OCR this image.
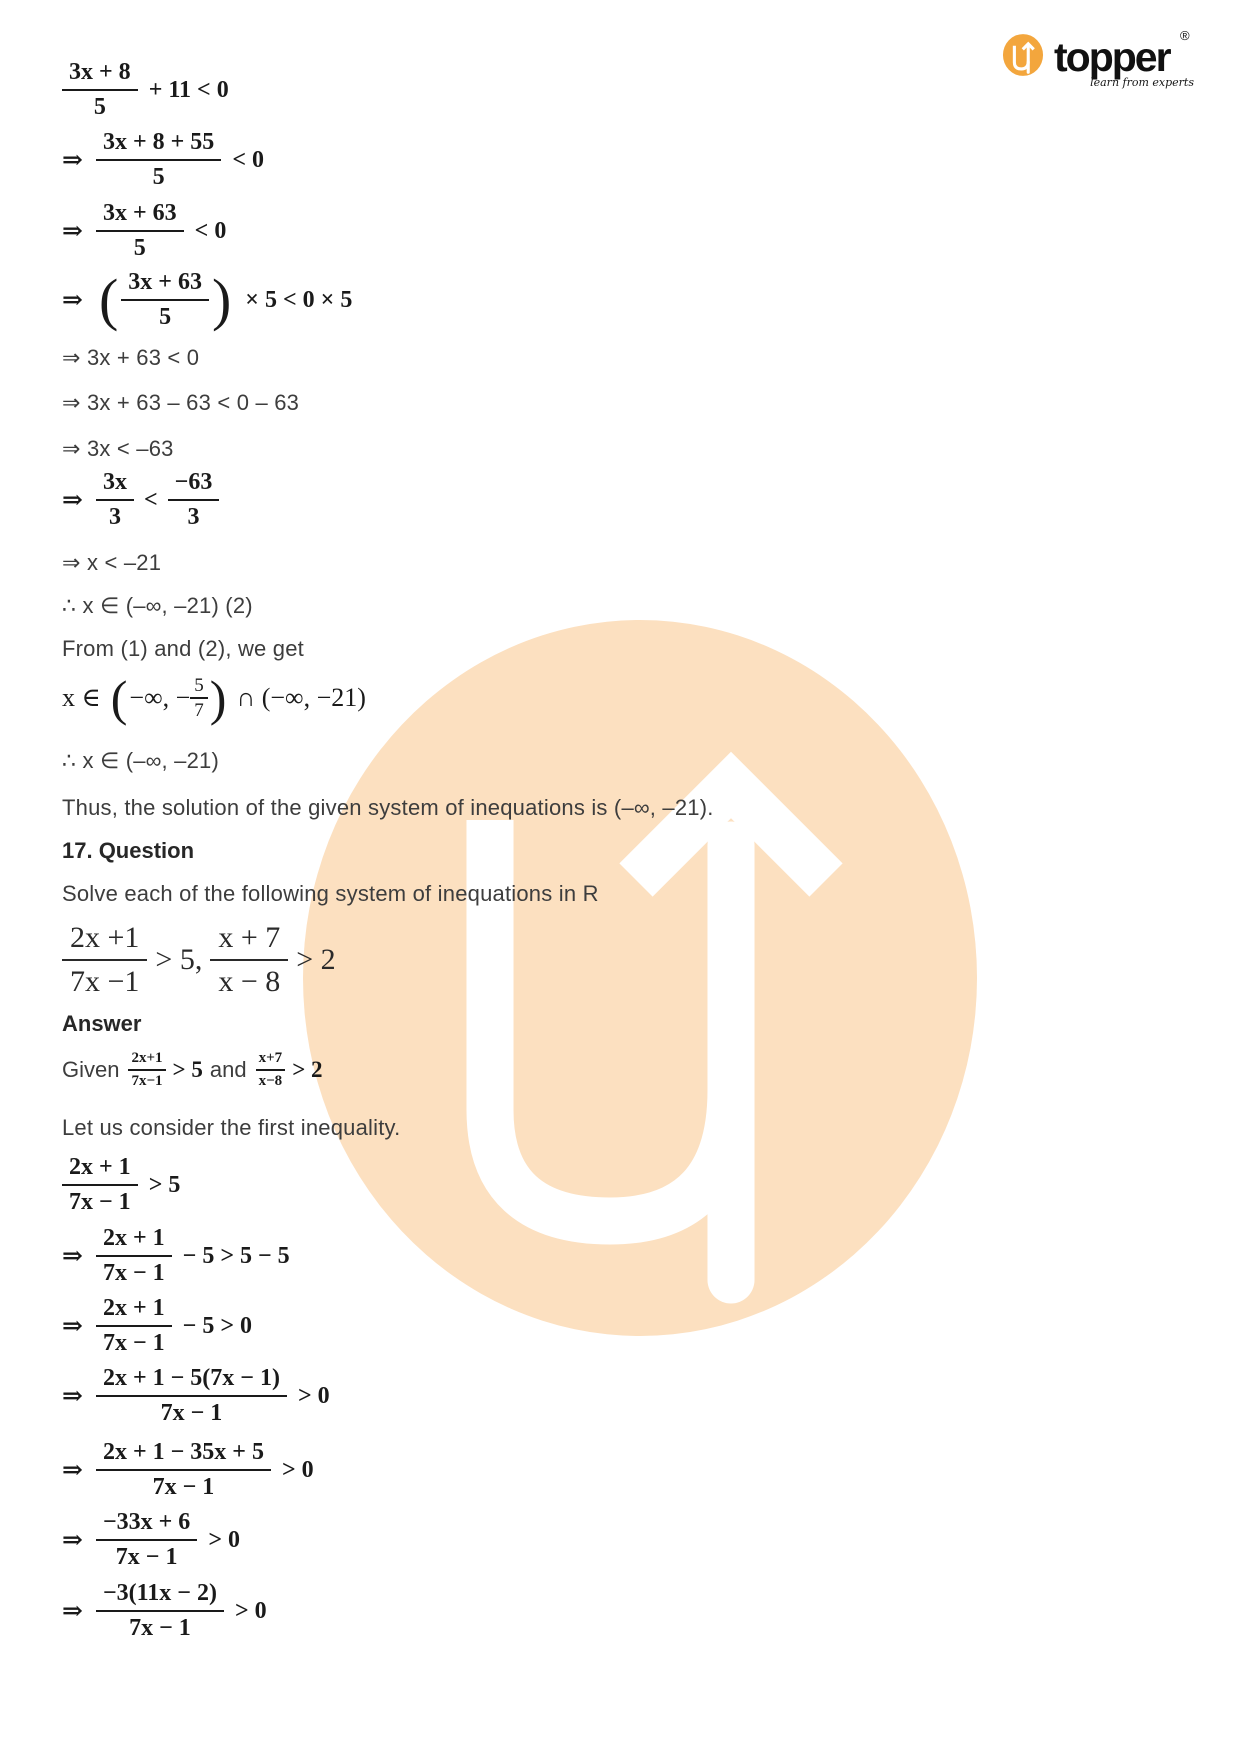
topper ®
learn from experts
$\frac{3x + 8}{5} + 11 < 0$
⇒ $\frac{3x + 8 + 55}{5} < 0$
⇒ $\frac{3x + 63}{5} < 0$
⇒ ( $\frac{3x + 63}{5}$ ) × 5 < 0 × 5
⇒ 3x + 63 < 0
⇒ 3x + 63 – 63 < 0 – 63
⇒ 3x < –63
⇒ $\frac{3x}{3} < \frac{-63}{3}$
⇒ x < –21
∴ x ∈ (–∞, –21) (2)
From (1) and (2), we get
x ∈ ( −∞, − $\frac{5}{7}$ ) ∩ (−∞, −21)
∴ x ∈ (–∞, –21)
Thus, the solution of the given system of inequations is (–∞, –21).
17. Question
Solve each of the following system of inequations in R
$\frac{2x +1}{7x -1} > 5$, $\frac{x + 7}{x - 8} > 2$
Answer
Given $\frac{2x+1}{7x-1} > 5$ and $\frac{x+7}{x-8} > 2$
Let us consider the first inequality.
$\frac{2x + 1}{7x - 1} > 5$
⇒ $\frac{2x + 1}{7x - 1} - 5 > 5 - 5$
⇒ $\frac{2x + 1}{7x - 1} - 5 > 0$
⇒ $\frac{2x + 1 - 5(7x - 1)}{7x - 1} > 0$
⇒ $\frac{2x + 1 - 35x + 5}{7x - 1} > 0$
⇒ $\frac{-33x + 6}{7x - 1} > 0$
⇒ $\frac{-3(11x - 2)}{7x - 1} > 0$
